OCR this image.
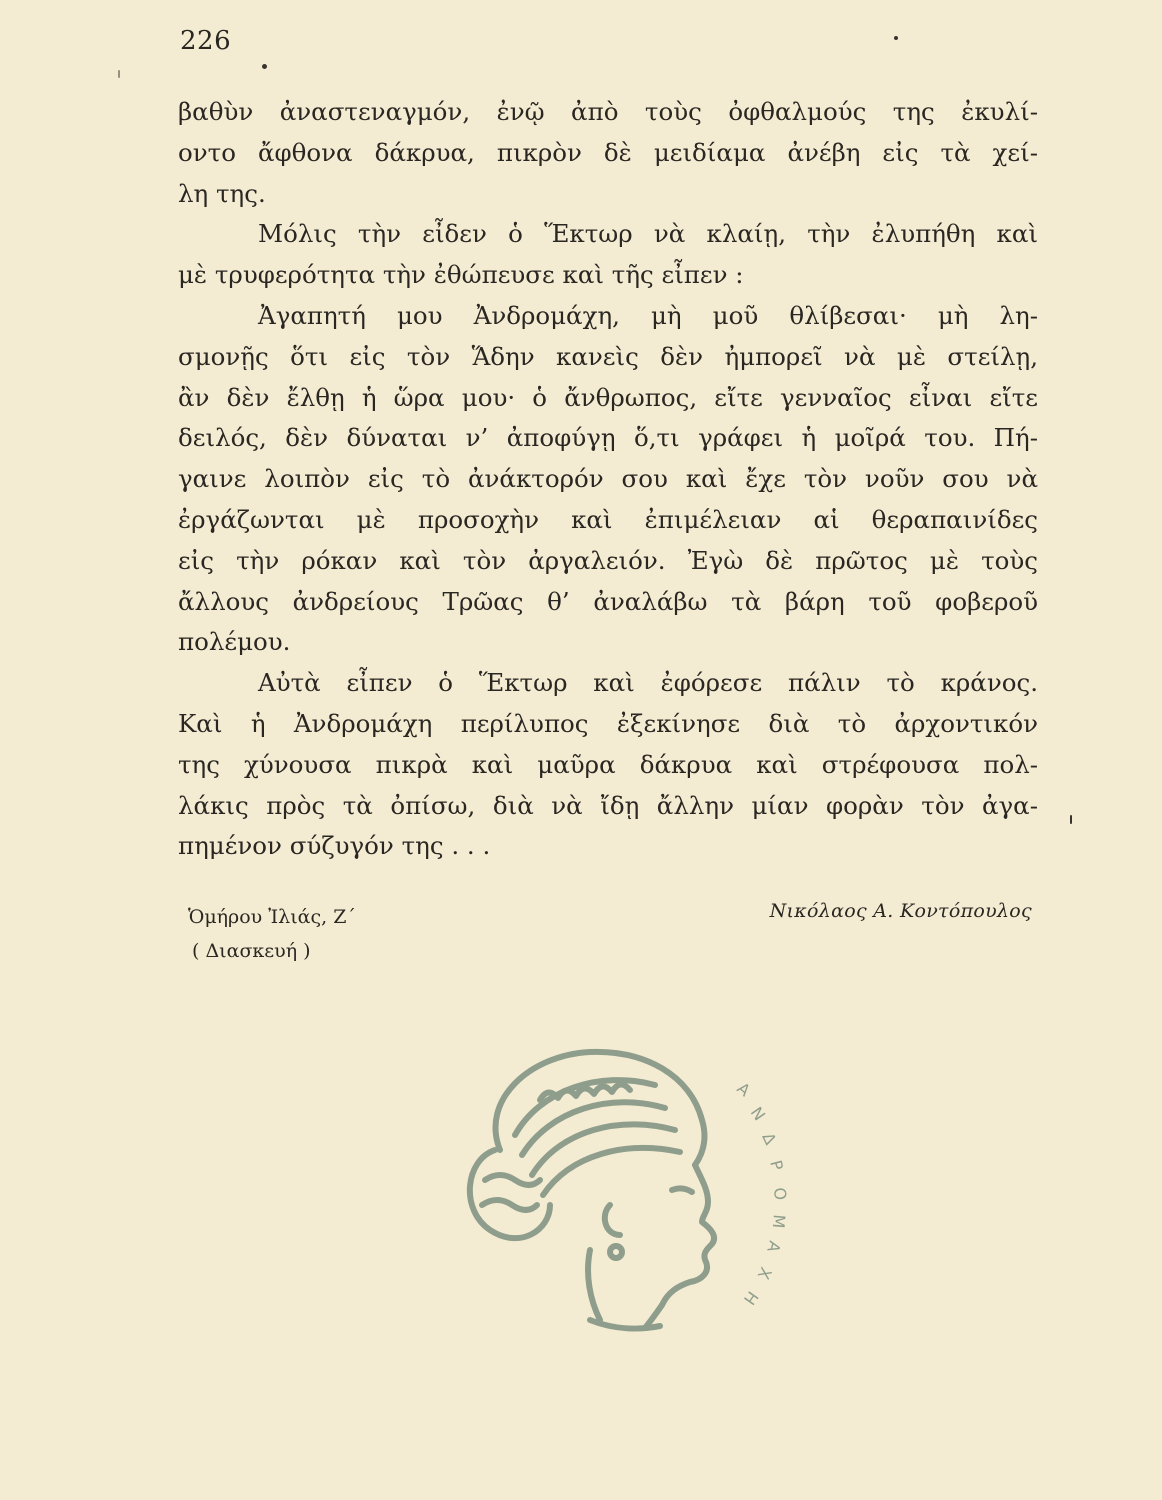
226
βαθὺν ἀναστεναγμόν, ἐνῷ ἀπὸ τοὺς ὀφθαλμούς της ἐκυλί-
οντο ἄφθονα δάκρυα, πικρὸν δὲ μειδίαμα ἀνέβη εἰς τὰ χεί-
λη της.
Μόλις τὴν εἶδεν ὁ Ἕκτωρ νὰ κλαίῃ, τὴν ἐλυπήθη καὶ
μὲ τρυφερότητα τὴν ἐθώπευσε καὶ τῆς εἶπεν :
Ἀγαπητή μου Ἀνδρομάχη, μὴ μοῦ θλίβεσαι· μὴ λη-
σμονῇς ὅτι εἰς τὸν Ἅδην κανεὶς δὲν ἠμπορεῖ νὰ μὲ στείλῃ,
ἂν δὲν ἔλθῃ ἡ ὥρα μου· ὁ ἄνθρωπος, εἴτε γενναῖος εἶναι εἴτε
δειλός, δὲν δύναται ν’ ἀποφύγῃ ὅ,τι γράφει ἡ μοῖρά του. Πή-
γαινε λοιπὸν εἰς τὸ ἀνάκτορόν σου καὶ ἔχε τὸν νοῦν σου νὰ
ἐργάζωνται μὲ προσοχὴν καὶ ἐπιμέλειαν αἱ θεραπαινίδες
εἰς τὴν ρόκαν καὶ τὸν ἀργαλειόν. Ἐγὼ δὲ πρῶτος μὲ τοὺς
ἄλλους ἀνδρείους Τρῶας θ’ ἀναλάβω τὰ βάρη τοῦ φοβεροῦ
πολέμου.
Αὐτὰ εἶπεν ὁ Ἕκτωρ καὶ ἐφόρεσε πάλιν τὸ κράνος.
Καὶ ἡ Ἀνδρομάχη περίλυπος ἐξεκίνησε διὰ τὸ ἀρχοντικόν
της χύνουσα πικρὰ καὶ μαῦρα δάκρυα καὶ στρέφουσα πολ-
λάκις πρὸς τὰ ὀπίσω, διὰ νὰ ἴδῃ ἄλλην μίαν φορὰν τὸν ἀγα-
πημένον σύζυγόν της . . .
Ὁμήρου Ἰλιάς, Ζ΄
( Διασκευή )
Νικόλαος Α. Κοντόπουλος
Α
Ν
Δ
Ρ
Ο
Μ
Α
Χ
Η
